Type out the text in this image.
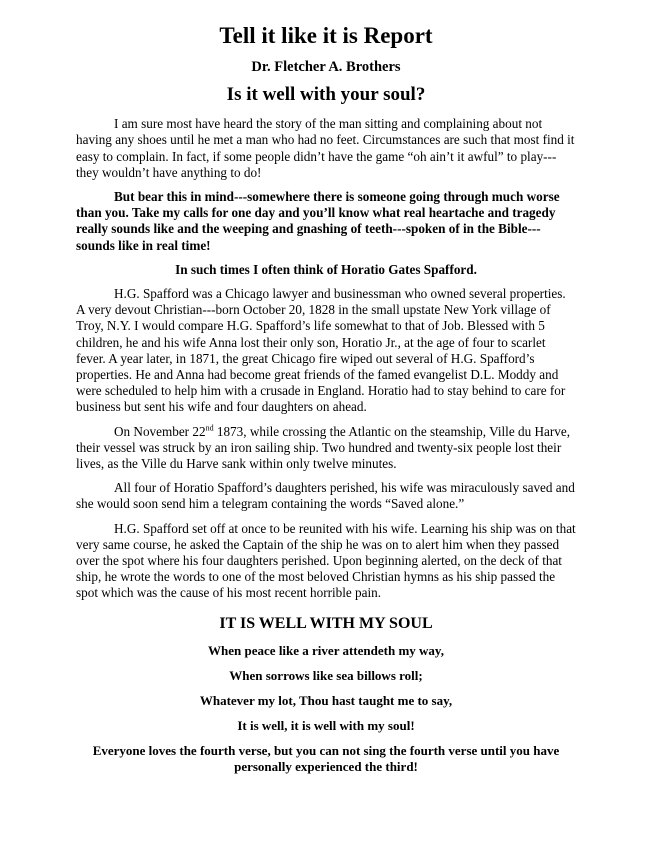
Tell it like it is Report
Dr. Fletcher A. Brothers
Is it well with your soul?

I am sure most have heard the story of the man sitting and complaining about not having any shoes until he met a man who had no feet. Circumstances are such that most find it easy to complain. In fact, if some people didn’t have the game “oh ain’t it awful” to play---they wouldn’t have anything to do!

But bear this in mind---somewhere there is someone going through much worse than you. Take my calls for one day and you’ll know what real heartache and tragedy really sounds like and the weeping and gnashing of teeth---spoken of in the Bible---sounds like in real time!

In such times I often think of Horatio Gates Spafford.

H.G. Spafford was a Chicago lawyer and businessman who owned several properties. A very devout Christian---born October 20, 1828 in the small upstate New York village of Troy, N.Y. I would compare H.G. Spafford’s life somewhat to that of Job. Blessed with 5 children, he and his wife Anna lost their only son, Horatio Jr., at the age of four to scarlet fever. A year later, in 1871, the great Chicago fire wiped out several of H.G. Spafford’s properties. He and Anna had become great friends of the famed evangelist D.L. Moddy and were scheduled to help him with a crusade in England. Horatio had to stay behind to care for business but sent his wife and four daughters on ahead.

On November 22nd 1873, while crossing the Atlantic on the steamship, Ville du Harve, their vessel was struck by an iron sailing ship. Two hundred and twenty-six people lost their lives, as the Ville du Harve sank within only twelve minutes.

All four of Horatio Spafford’s daughters perished, his wife was miraculously saved and she would soon send him a telegram containing the words “Saved alone.”

H.G. Spafford set off at once to be reunited with his wife. Learning his ship was on that very same course, he asked the Captain of the ship he was on to alert him when they passed over the spot where his four daughters perished. Upon beginning alerted, on the deck of that ship, he wrote the words to one of the most beloved Christian hymns as his ship passed the spot which was the cause of his most recent horrible pain.

IT IS WELL WITH MY SOUL
When peace like a river attendeth my way,
When sorrows like sea billows roll;
Whatever my lot, Thou hast taught me to say,
It is well, it is well with my soul!
Everyone loves the fourth verse, but you can not sing the fourth verse until you have personally experienced the third!
